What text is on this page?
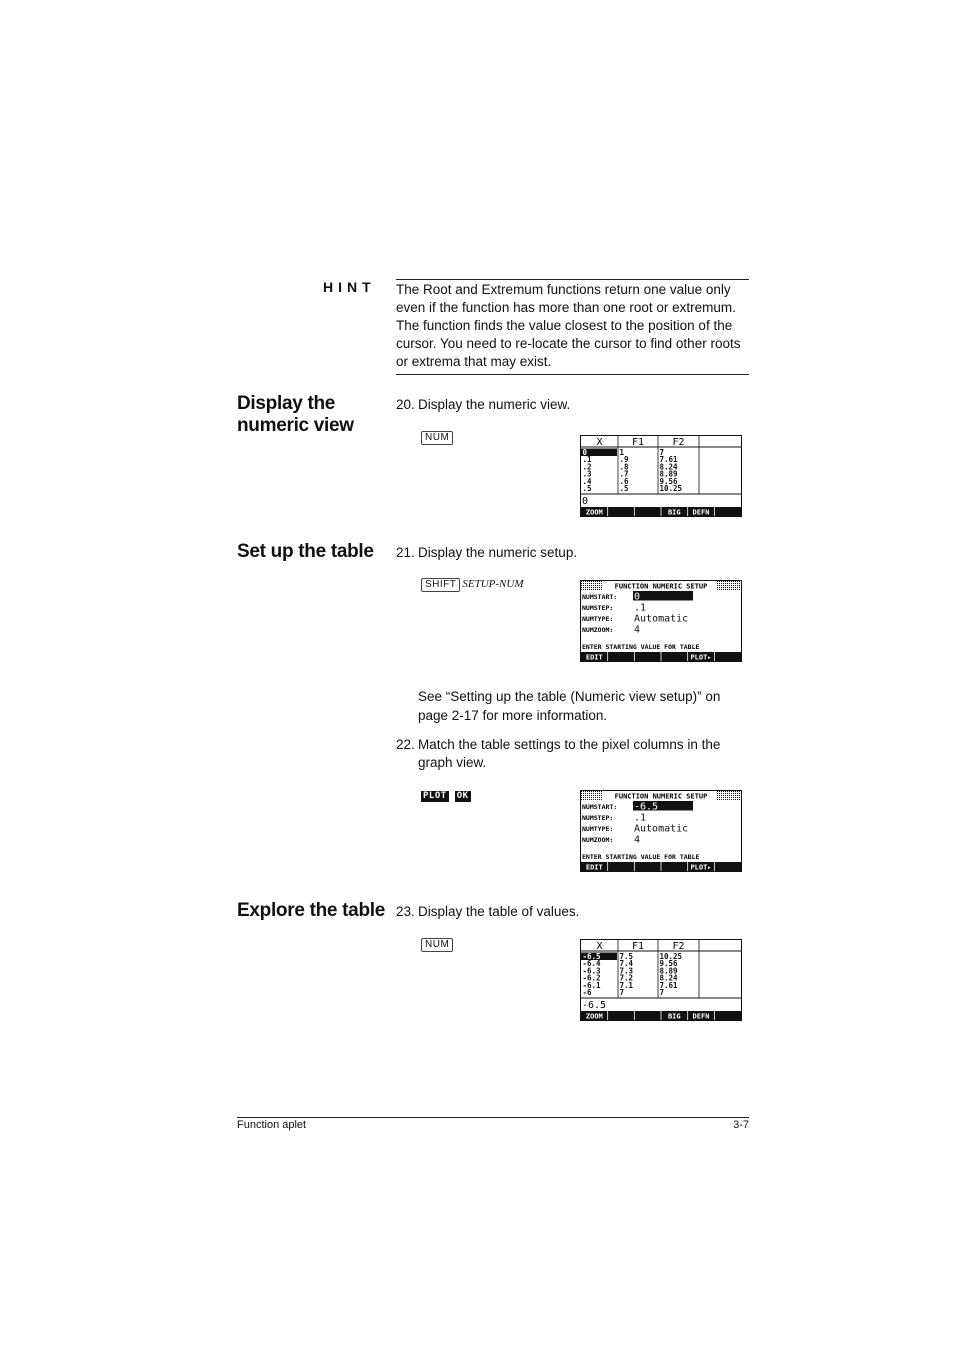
HINT The Root and Extremum functions return one value only even if the function has more than one root or extremum. The function finds the value closest to the position of the cursor. You need to re-locate the cursor to find other roots or extrema that may exist.
Display the numeric view
20. Display the numeric view.
NUM	X	F1	F2
0	1	7
.1	.9	7.61
.2	.8	8.24
.3	.7	8.89
.4	.6	9.56
.5	.5	10.25
0
ZOOM	BIG DEFN
Set up the table	21. Display the numeric setup.
SHIFT SETUP-NUM	FUNCTION NUMERIC SETUP
NUMSTART: 0
NUMSTEP: .1
NUMTYPE: Automatic
NUMZOOM: 4
ENTER STARTING VALUE FOR TABLE
EDIT	PLOT▸
See “Setting up the table (Numeric view setup)” on page 2-17 for more information.
22. Match the table settings to the pixel columns in the graph view.
PLOT OK	FUNCTION NUMERIC SETUP
NUMSTART: -6.5
NUMSTEP: .1
NUMTYPE: Automatic
NUMZOOM: 4
ENTER STARTING VALUE FOR TABLE
EDIT	PLOT▸
Explore the table 23. Display the table of values.
NUM	X	F1	F2
-6.5	7.5	10.25
-6.4	7.4	9.56
-6.3	7.3	8.89
-6.2	7.2	8.24
-6.1	7.1	7.61
-6	7	7
-6.5
ZOOM	BIG DEFN
Function aplet	3-7
